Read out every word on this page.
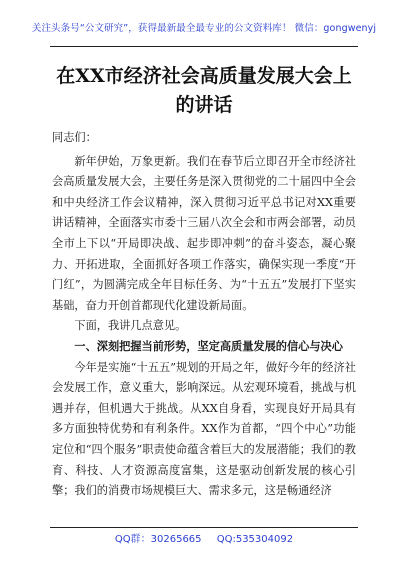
关注头条号“公文研究”，获得最新最全最专业的公文资料库！ 微信：gongwenyj
在XX市经济社会高质量发展大会上的讲话

同志们：

新年伊始，万象更新。我们在春节后立即召开全市经济社会高质量发展大会，主要任务是深入贯彻党的二十届四中全会和中央经济工作会议精神，深入贯彻习近平总书记对XX重要讲话精神，全面落实市委十三届八次全会和市两会部署，动员全市上下以“开局即决战、起步即冲刺”的奋斗姿态，凝心聚力、开拓进取，全面抓好各项工作落实，确保实现一季度“开门红”，为圆满完成全年目标任务、为“十五五”发展打下坚实基础，奋力开创首都现代化建设新局面。

下面，我讲几点意见。

一、深刻把握当前形势，坚定高质量发展的信心与决心

今年是实施“十五五”规划的开局之年，做好今年的经济社会发展工作，意义重大，影响深远。从宏观环境看，挑战与机遇并存，但机遇大于挑战。从XX自身看，实现良好开局具有多方面独特优势和有利条件。XX作为首都，“四个中心”功能定位和“四个服务”职责使命蕴含着巨大的发展潜能；我们的教育、科技、人才资源高度富集，这是驱动创新发展的核心引擎；我们的消费市场规模巨大、需求多元，这是畅通经济

QQ群：30265665 QQ:535304092
